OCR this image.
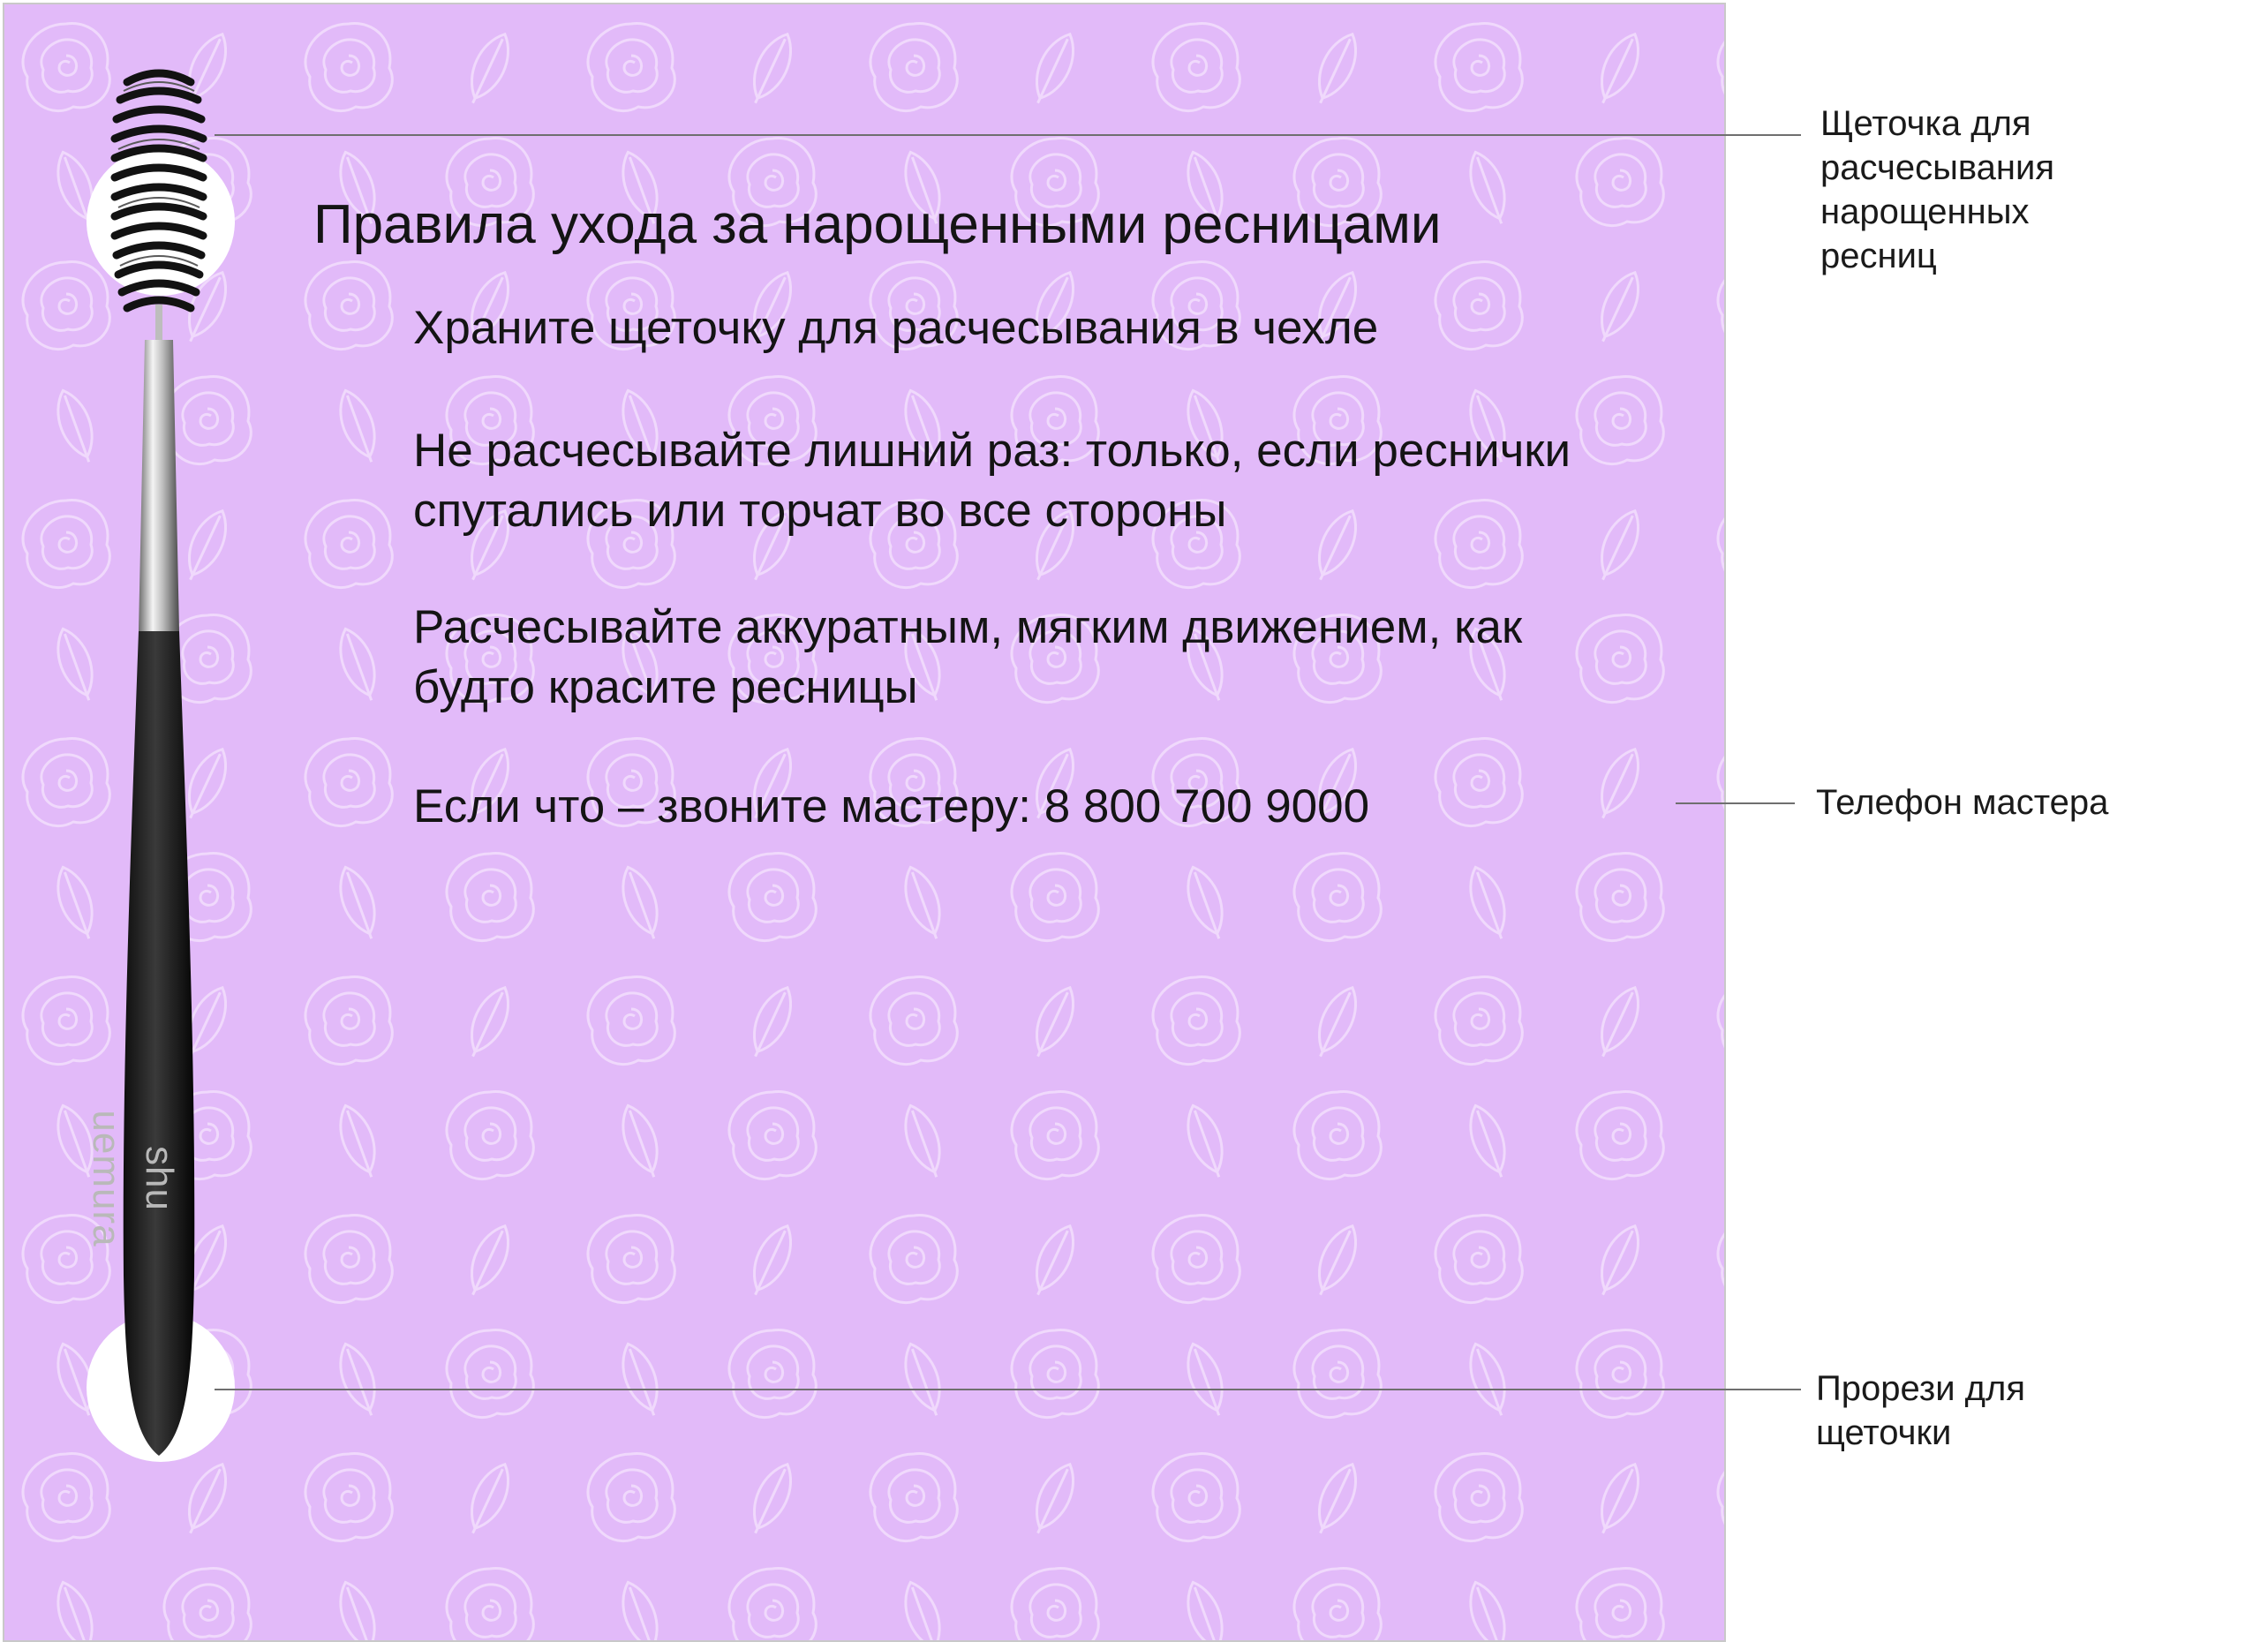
shu uemura
Правила ухода за нарощенными ресницами

Храните щеточку для расчесывания в чехле

Не расчесывайте лишний раз: только, если реснички спутались или торчат во все стороны

Расчесывайте аккуратным, мягким движением, как будто красите ресницы

Если что – звоните мастеру: 8 800 700 9000

Щеточка для расчесывания нарощенных ресниц

Телефон мастера

Прорези для щеточки
